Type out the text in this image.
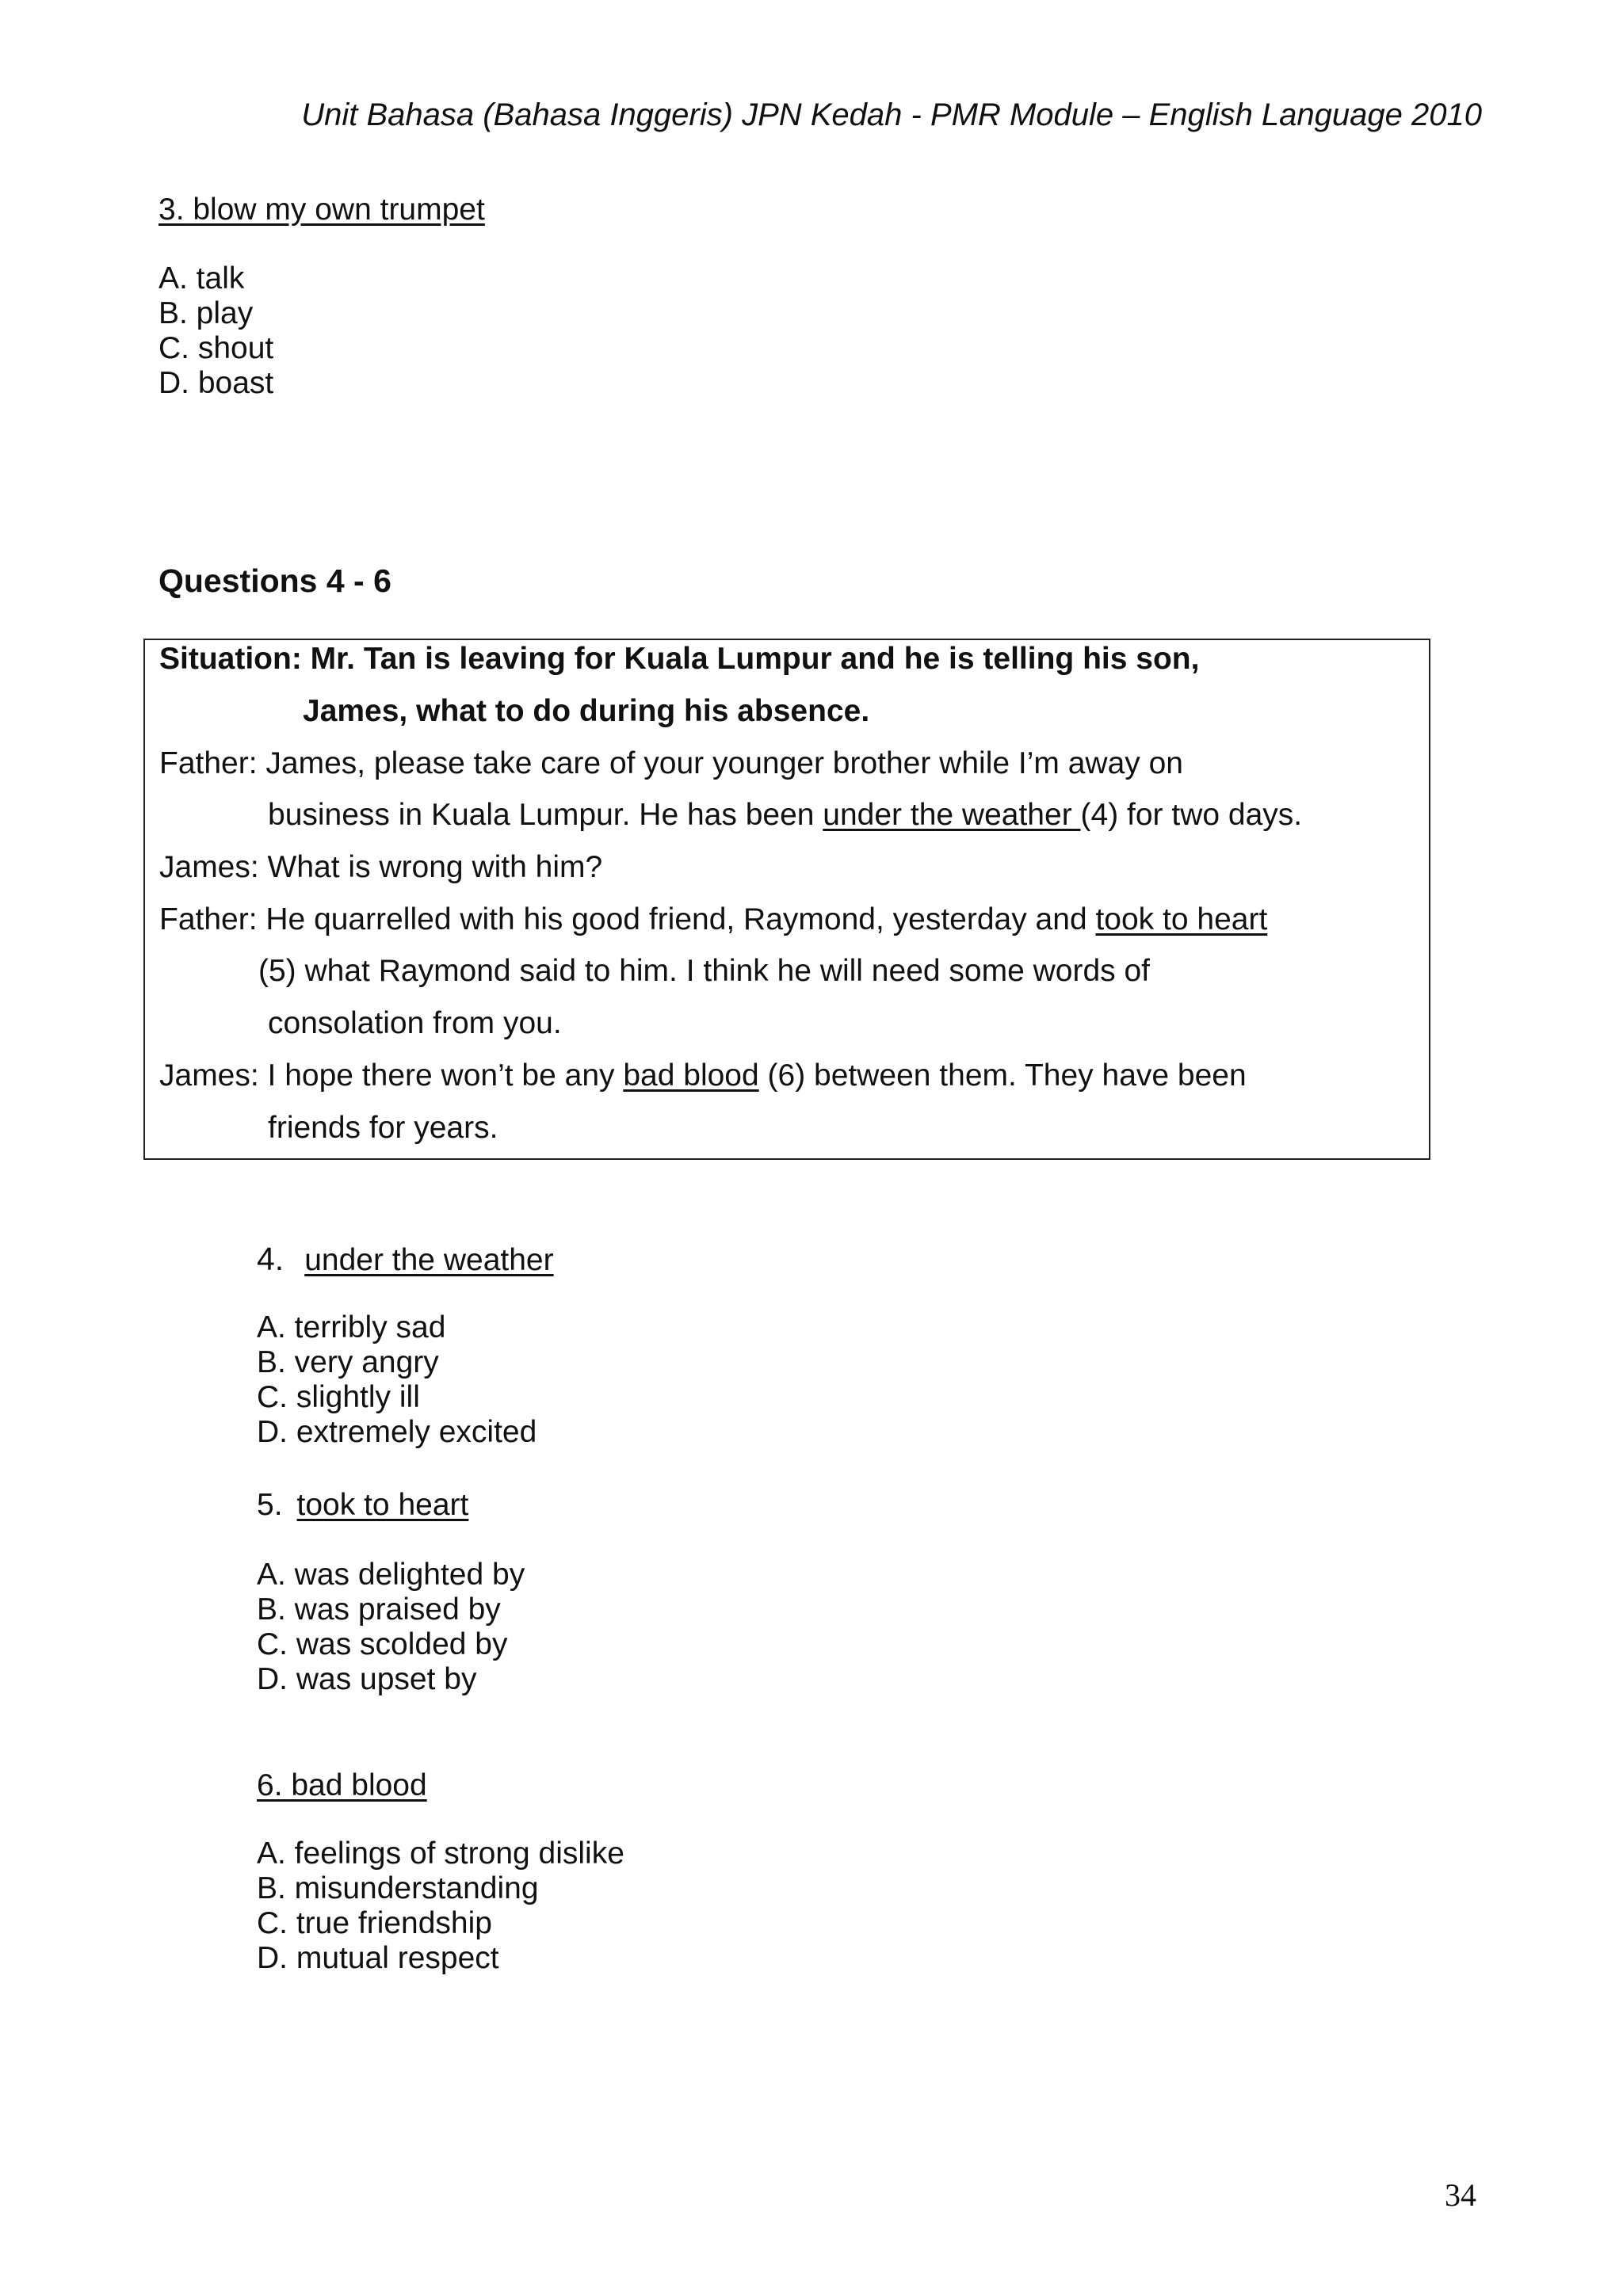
Unit Bahasa (Bahasa Inggeris) JPN Kedah - PMR Module – English Language 2010
3. blow my own trumpet
A. talk
B. play
C. shout
D. boast
Questions 4 - 6
Situation: Mr. Tan is leaving for Kuala Lumpur and he is telling his son,
James, what to do during his absence.
Father: James, please take care of your younger brother while I’m away on
business in Kuala Lumpur. He has been under the weather (4) for two days.
James: What is wrong with him?
Father: He quarrelled with his good friend, Raymond, yesterday and took to heart
(5) what Raymond said to him. I think he will need some words of
consolation from you.
James: I hope there won’t be any bad blood (6) between them. They have been
friends for years.
4. under the weather
A. terribly sad
B. very angry
C. slightly ill
D. extremely excited
5. took to heart
A. was delighted by
B. was praised by
C. was scolded by
D. was upset by
6. bad blood
A. feelings of strong dislike
B. misunderstanding
C. true friendship
D. mutual respect
34
